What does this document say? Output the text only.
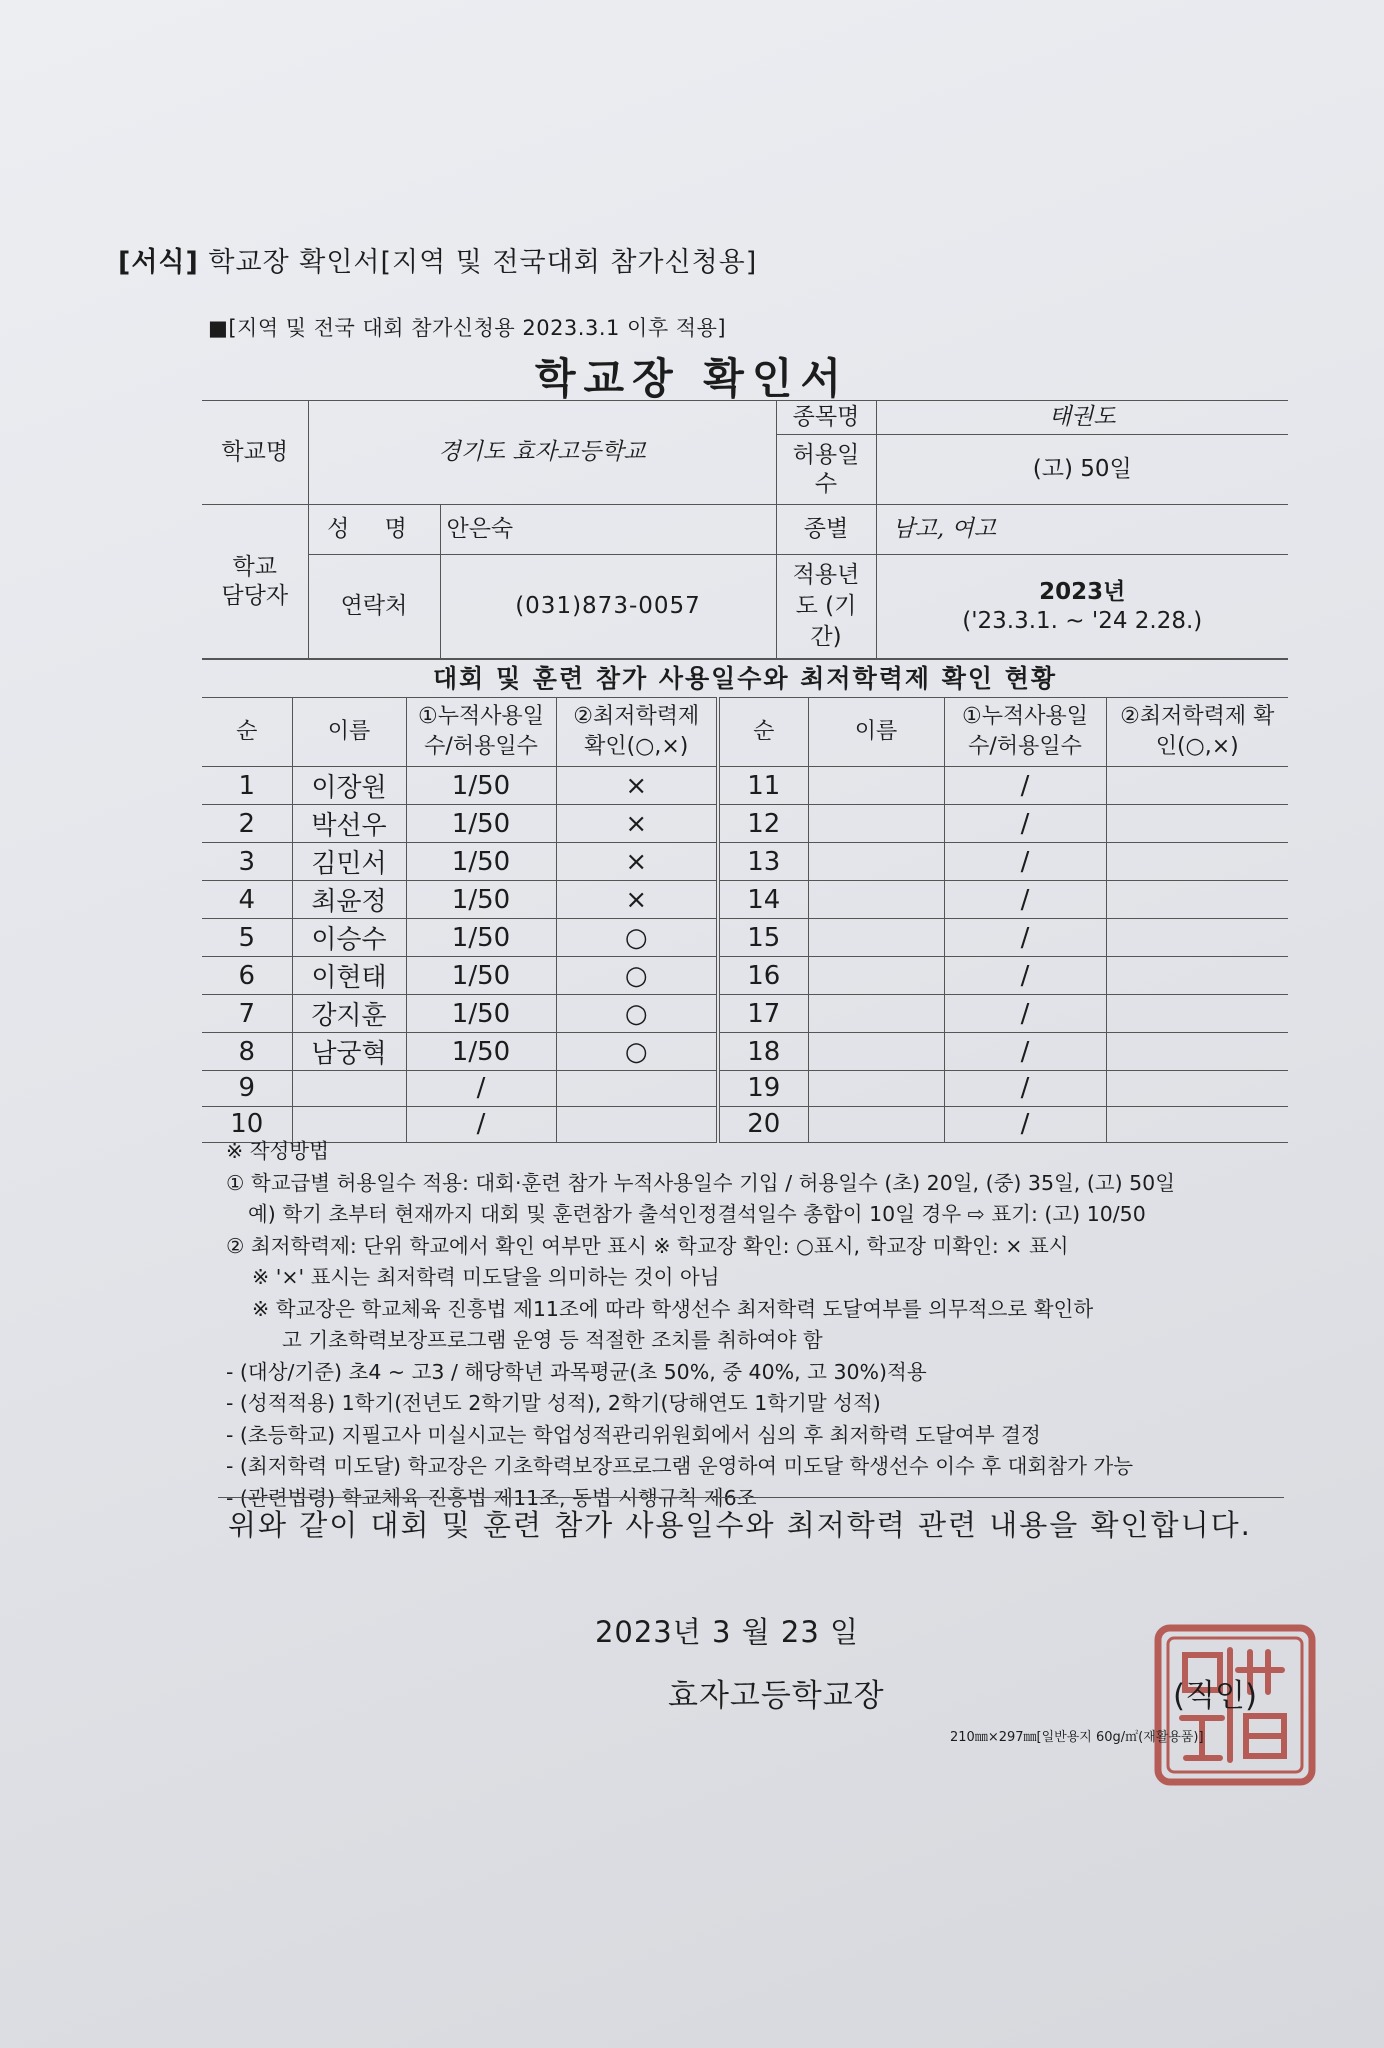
[서식] 학교장 확인서[지역 및 전국대회 참가신청용]
■[지역 및 전국 대회 참가신청용 2023.3.1 이후 적용]
학교장 확인서
학교명	경기도 효자고등학교		종목명	태권도
			허용일수	(고) 50일
학교 담당자	성 명	안은숙	종별	남고, 여고
	연락처	(031)873-0057	적용년도 (기간)	2023년
('23.3.1. ~ '24 2.28.)
대회 및 훈련 참가 사용일수와 최저학력제 확인 현황
순	이름	①누적사용일수/허용일수	②최저학력제 확인(○,×)	순	이름	①누적사용일수/허용일수	②최저학력제 확인(○,×)
1	이장원	1/50	×	11		/	
2	박선우	1/50	×	12		/	
3	김민서	1/50	×	13		/	
4	최윤정	1/50	×	14		/	
5	이승수	1/50	○	15		/	
6	이현태	1/50	○	16		/	
7	강지훈	1/50	○	17		/	
8	남궁혁	1/50	○	18		/	
9		/		19		/	
10		/		20		/	
※ 작성방법
① 학교급별 허용일수 적용: 대회·훈련 참가 누적사용일수 기입 / 허용일수 (초) 20일, (중) 35일, (고) 50일
예) 학기 초부터 현재까지 대회 및 훈련참가 출석인정결석일수 총합이 10일 경우 ⇨ 표기: (고) 10/50
② 최저학력제: 단위 학교에서 확인 여부만 표시 ※ 학교장 확인: ○표시, 학교장 미확인: × 표시
※ '×' 표시는 최저학력 미도달을 의미하는 것이 아님
※ 학교장은 학교체육 진흥법 제11조에 따라 학생선수 최저학력 도달여부를 의무적으로 확인하
고 기초학력보장프로그램 운영 등 적절한 조치를 취하여야 함
- (대상/기준) 초4 ~ 고3 / 해당학년 과목평균(초 50%, 중 40%, 고 30%)적용
- (성적적용) 1학기(전년도 2학기말 성적), 2학기(당해연도 1학기말 성적)
- (초등학교) 지필고사 미실시교는 학업성적관리위원회에서 심의 후 최저학력 도달여부 결정
- (최저학력 미도달) 학교장은 기초학력보장프로그램 운영하여 미도달 학생선수 이수 후 대회참가 가능
- (관련법령) 학교체육 진흥법 제11조, 동법 시행규칙 제6조
위와 같이 대회 및 훈련 참가 사용일수와 최저학력 관련 내용을 확인합니다.
2023년 3 월 23 일
효자고등학교장	(직인)
210㎜×297㎜[일반용지 60g/㎡(재활용품)]
